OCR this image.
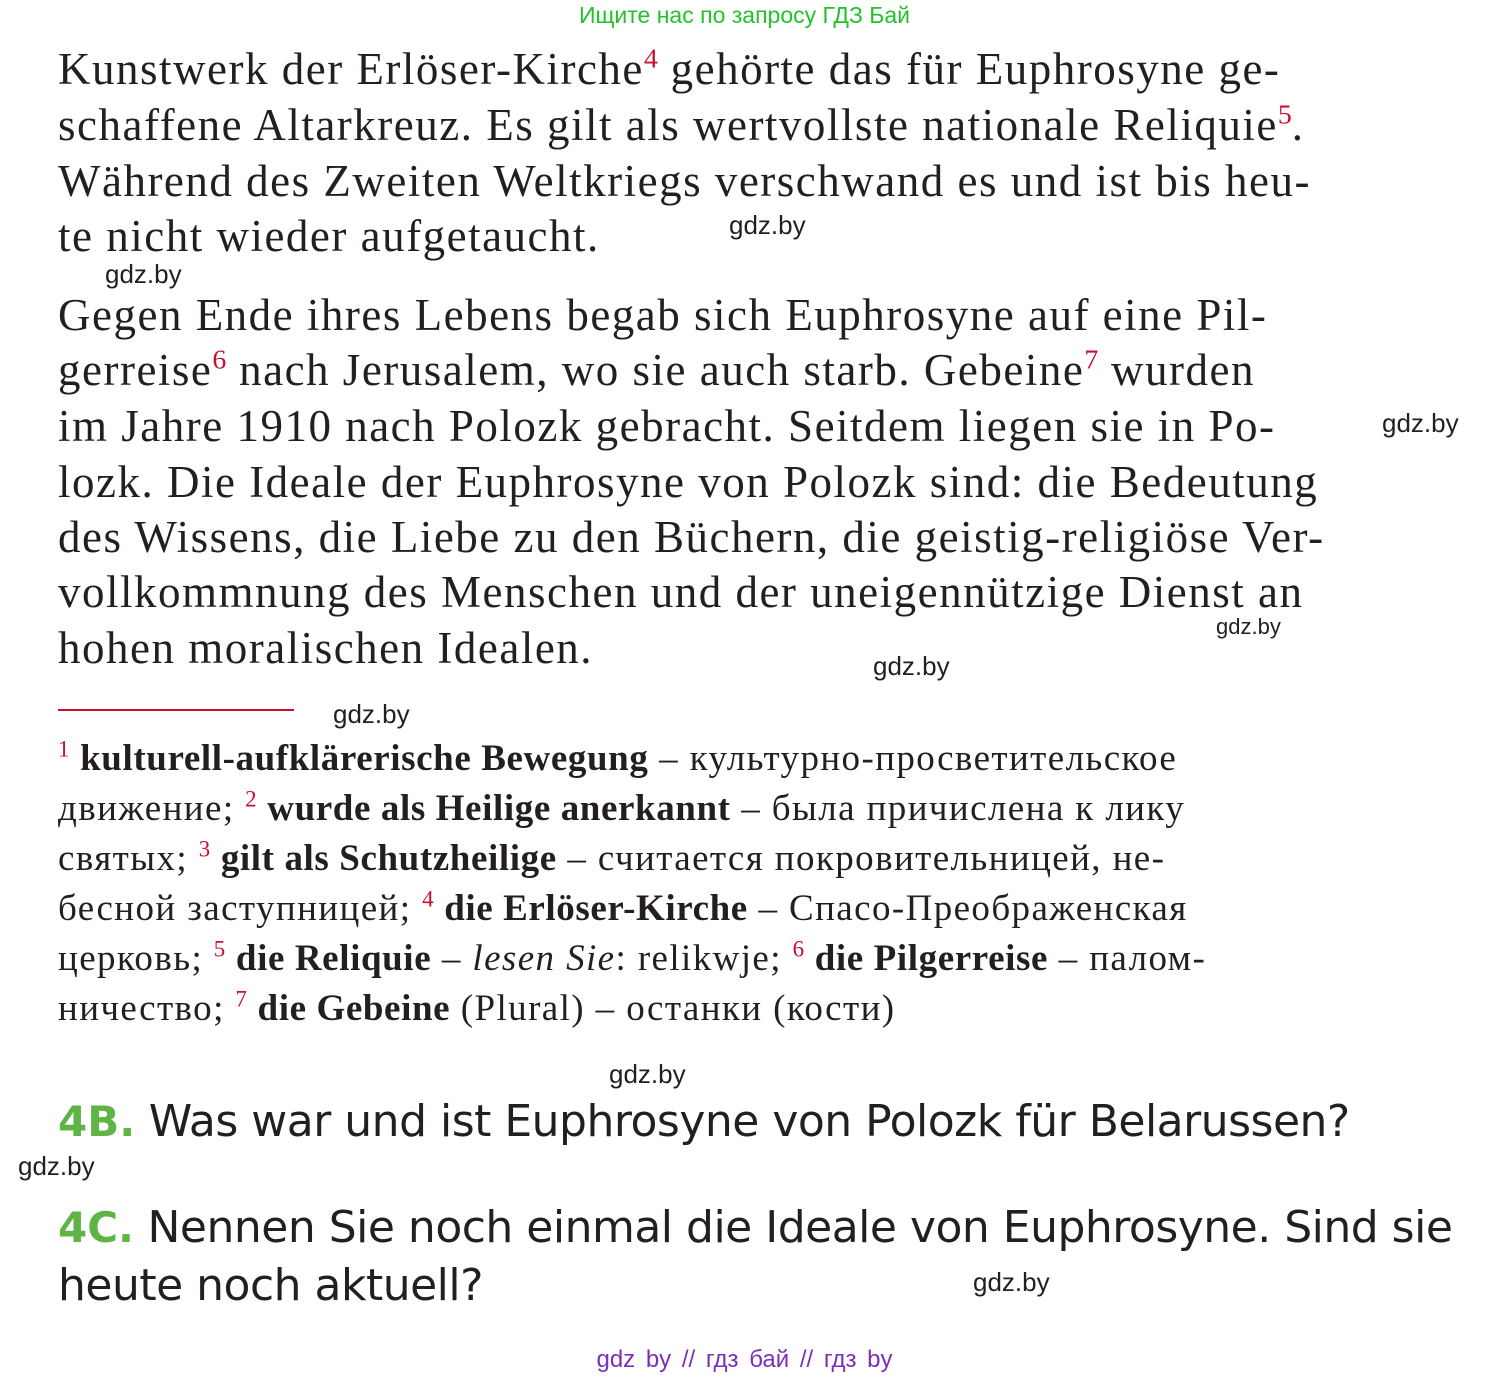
Ищите нас по запросу ГДЗ Бай
Kunstwerk der Erlöser-Kirche$^4$ gehörte das für Euphrosyne ge-
schaffene Altarkreuz. Es gilt als wertvollste nationale Reliquie$^5$.
Während des Zweiten Weltkriegs verschwand es und ist bis heu-
te nicht wieder aufgetaucht.
Gegen Ende ihres Lebens begab sich Euphrosyne auf eine Pil-
gerreise$^6$ nach Jerusalem, wo sie auch starb. Gebeine$^7$ wurden
im Jahre 1910 nach Polozk gebracht. Seitdem liegen sie in Po-
lozk. Die Ideale der Euphrosyne von Polozk sind: die Bedeutung
des Wissens, die Liebe zu den Büchern, die geistig-religiöse Ver-
vollkommnung des Menschen und der uneigennützige Dienst an
hohen moralischen Idealen.
$^1$ kulturell-aufklärerische Bewegung – культурно-просветительское
движение; $^2$ wurde als Heilige anerkannt – была причислена к лику
святых; $^3$ gilt als Schutzheilige – считается покровительницей, не-
бесной заступницей; $^4$ die Erlöser-Kirche – Спасо-Преображенская
церковь; $^5$ die Reliquie – lesen Sie: relikwje; $^6$ die Pilgerreise – палом-
ничество; $^7$ die Gebeine (Plural) – останки (кости)
4B. Was war und ist Euphrosyne von Polozk für Belarussen?
4C. Nennen Sie noch einmal die Ideale von Euphrosyne. Sind sie
heute noch aktuell?
gdz.by
gdz.by
gdz.by
gdz.by
gdz.by
gdz.by
gdz.by
gdz.by
gdz.by
gdz by // гдз бай // гдз by
